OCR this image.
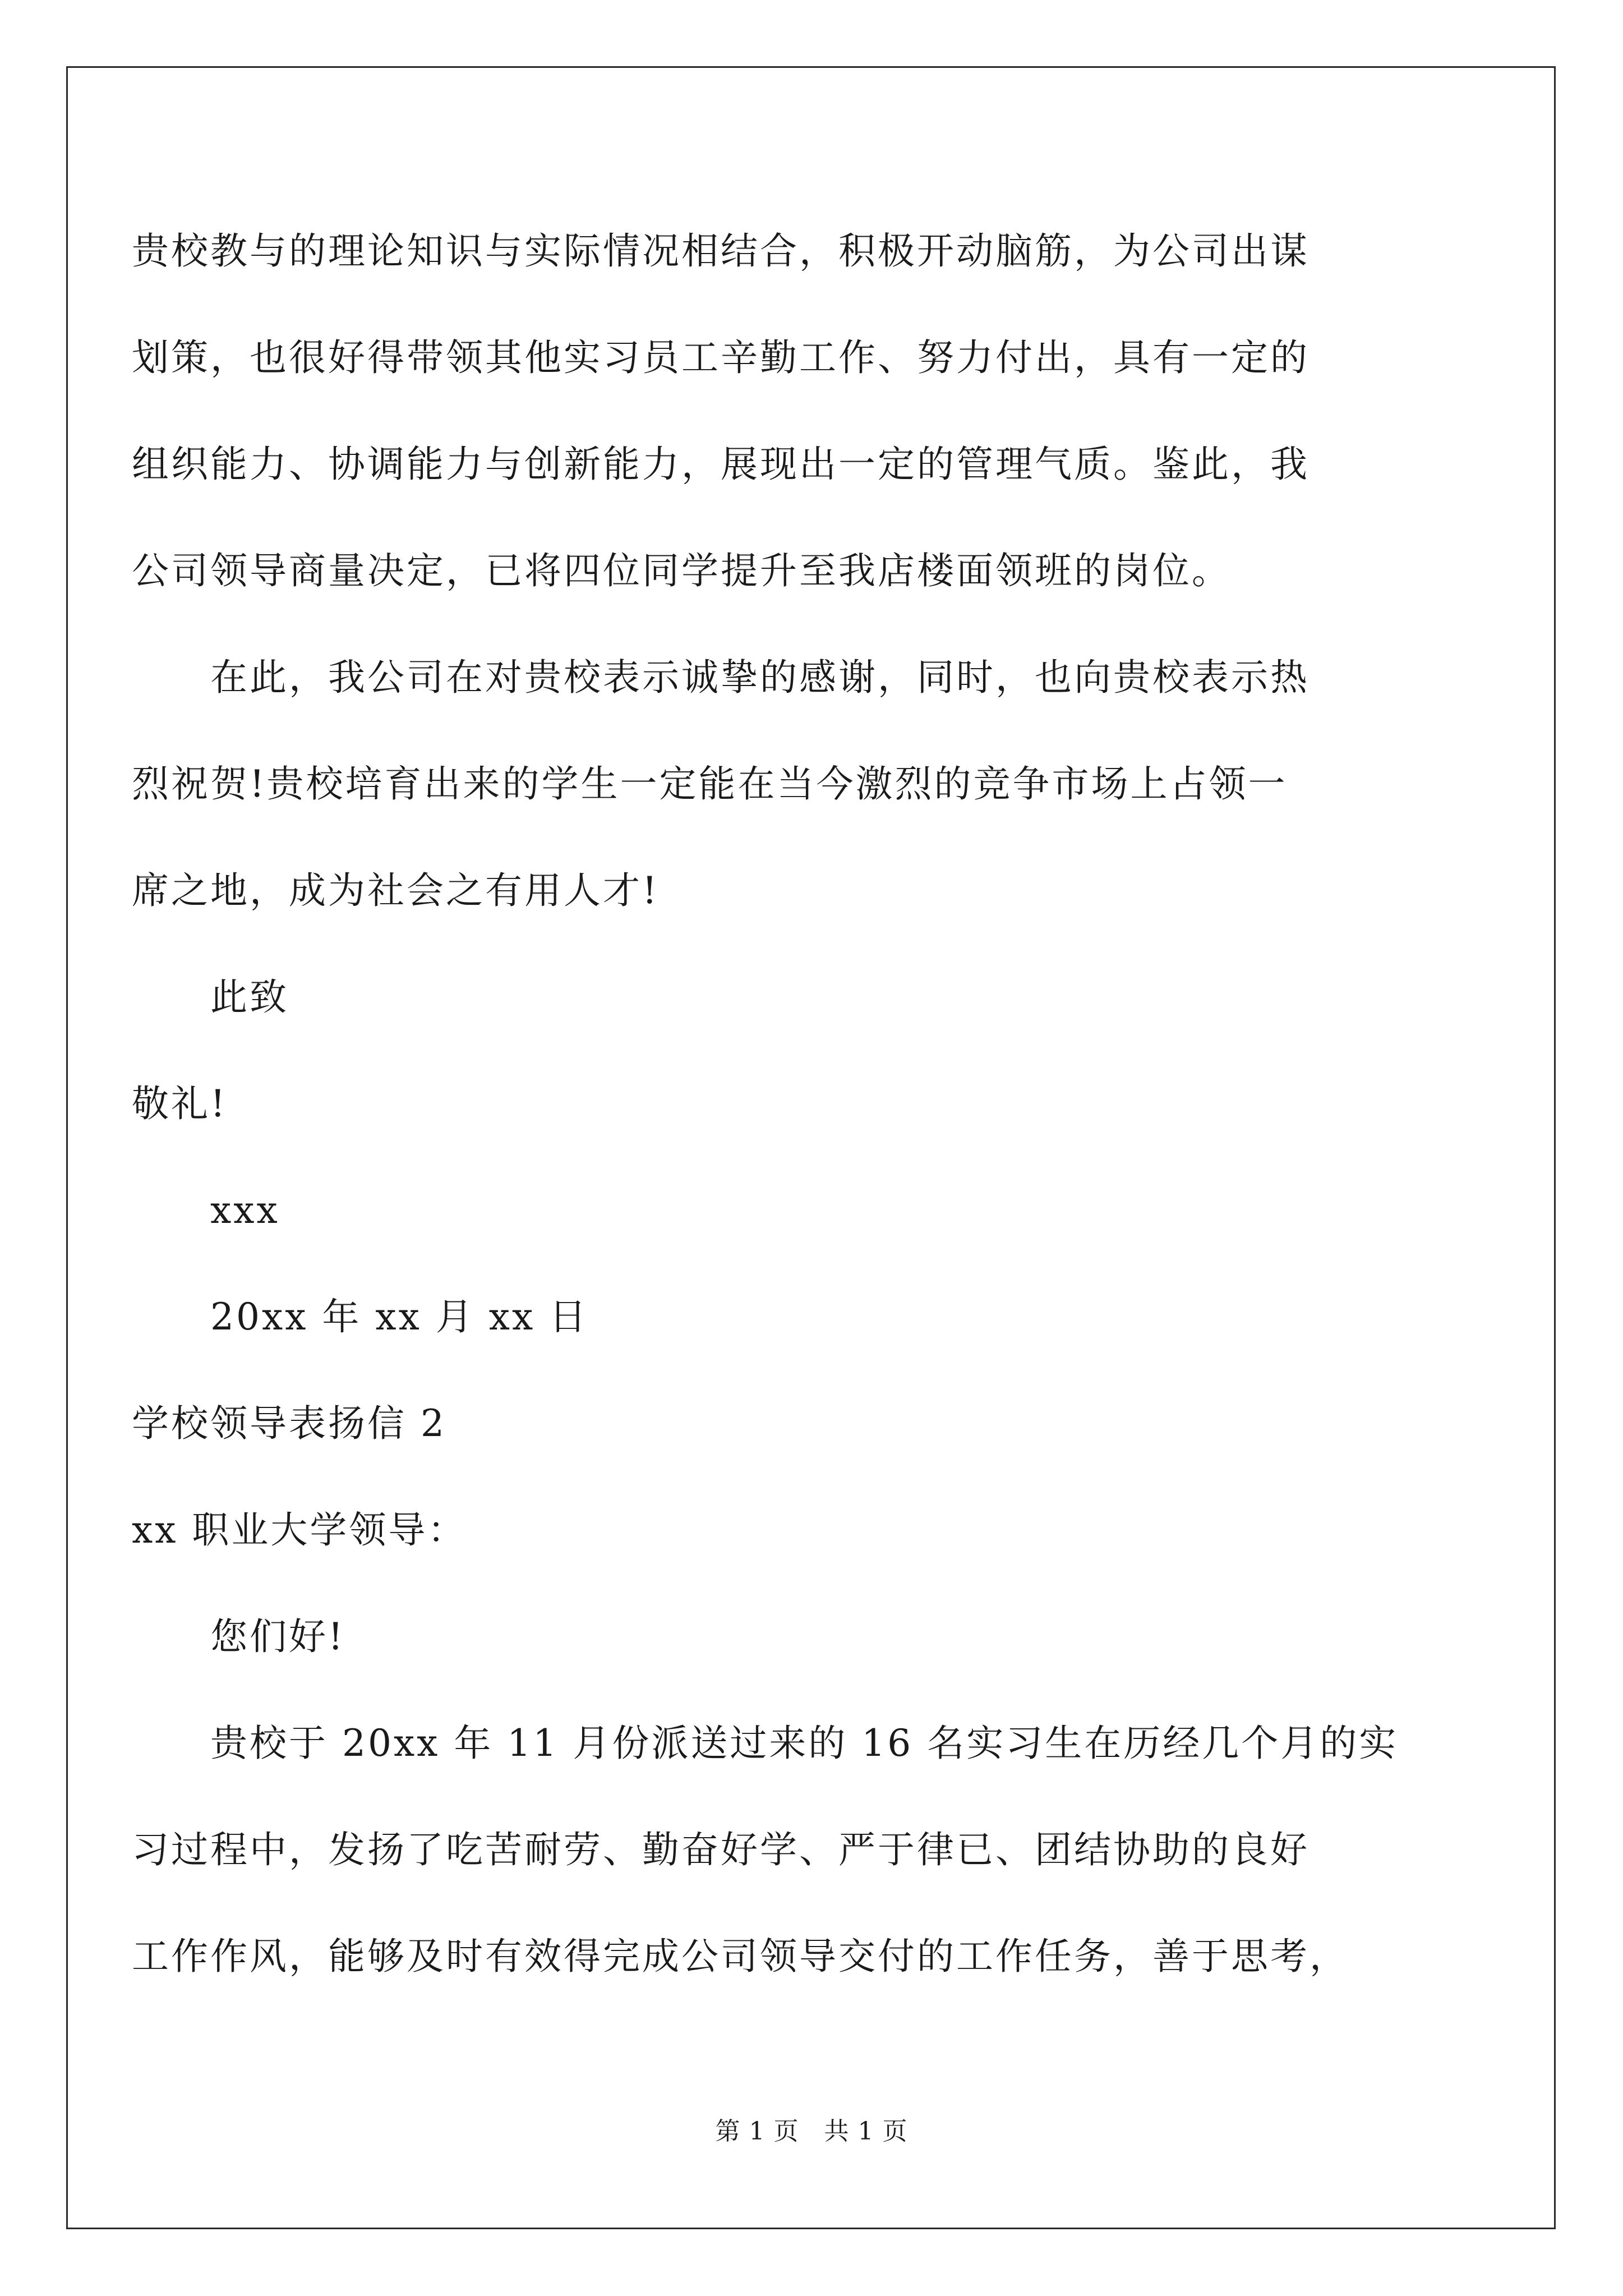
贵校教与的理论知识与实际情况相结合，积极开动脑筋，为公司出谋
划策，也很好得带领其他实习员工辛勤工作、努力付出，具有一定的
组织能力、协调能力与创新能力，展现出一定的管理气质。鉴此，我
公司领导商量决定，已将四位同学提升至我店楼面领班的岗位。
在此，我公司在对贵校表示诚挚的感谢，同时，也向贵校表示热
烈祝贺!贵校培育出来的学生一定能在当今激烈的竞争市场上占领一
席之地，成为社会之有用人才!
此致
敬礼!
xxx
20xx 年 xx 月 xx 日
学校领导表扬信 2
xx 职业大学领导：
您们好!
贵校于 20xx 年 11 月份派送过来的 16 名实习生在历经几个月的实
习过程中，发扬了吃苦耐劳、勤奋好学、严于律已、团结协助的良好
工作作风，能够及时有效得完成公司领导交付的工作任务，善于思考，
第 1 页　共 1 页
